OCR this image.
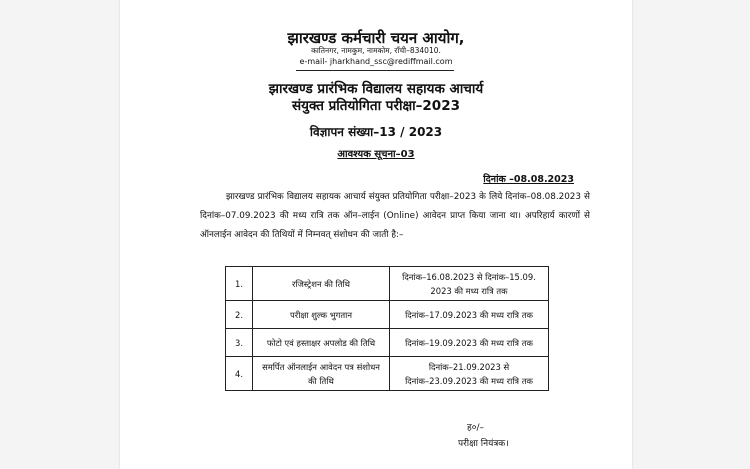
झारखण्ड कर्मचारी चयन आयोग,
कातिनगर, नामकुम, नामकोम, राँची–834010.
e-mail- jharkhand_ssc@rediffmail.com
झारखण्ड प्रारंभिक विद्यालय सहायक आचार्य
संयुक्त प्रतियोगिता परीक्षा–2023
विज्ञापन संख्या–13 / 2023
आवश्यक सूचना–03
दिनांक –08.08.2023
झारखण्ड प्रारंभिक विद्यालय सहायक आचार्य संयुक्त प्रतियोगिता परीक्षा–2023 के लिये दिनांक–08.08.2023 से दिनांक–07.09.2023 की मध्य रात्रि तक ऑन–लाईन (Online) आवेदन प्राप्त किया जाना था। अपरिहार्य कारणों से ऑनलाईन आवेदन की तिथियों में निम्नवत् संशोधन की जाती है:–
1.	रजिस्ट्रेशन की तिथि	दिनांक–16.08.2023 से दिनांक–15.09.
2023 की मध्य रात्रि तक

2.	परीक्षा शुल्क भुगतान	दिनांक–17.09.2023 की मध्य रात्रि तक

3.	फोटो एवं हस्ताक्षर अपलोड की तिथि	दिनांक–19.09.2023 की मध्य रात्रि तक

4.	समर्पित ऑनलाईन आवेदन पत्र संशोधन की तिथि	दिनांक–21.09.2023 से
दिनांक–23.09.2023 की मध्य रात्रि तक
ह०/–
परीक्षा नियंत्रक।
